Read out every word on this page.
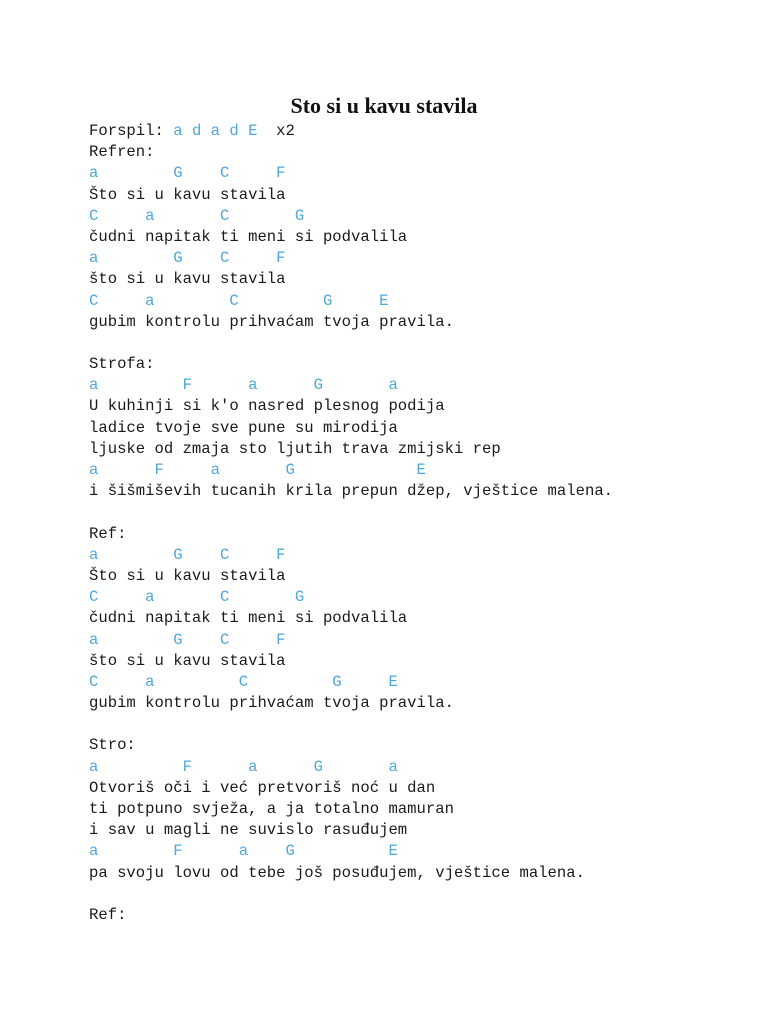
Sto si u kavu stavila
Forspil: a d a d E  x2
Refren:
a        G    C     F
Što si u kavu stavila
C     a       C       G
čudni napitak ti meni si podvalila
a        G    C     F
što si u kavu stavila
C     a        C         G     E
gubim kontrolu prihvaćam tvoja pravila.
Strofa:
a         F      a      G       a
U kuhinji si k'o nasred plesnog podija
ladice tvoje sve pune su mirodija
ljuske od zmaja sto ljutih trava zmijski rep
a      F     a       G             E
i šišmiševih tucanih krila prepun džep, vještice malena.
Ref:
a        G    C     F
Što si u kavu stavila
C     a       C       G
čudni napitak ti meni si podvalila
a        G    C     F
što si u kavu stavila
C     a         C         G     E
gubim kontrolu prihvaćam tvoja pravila.
Stro:
a         F      a      G       a
Otvoriš oči i već pretvoriš noć u dan
ti potpuno svježa, a ja totalno mamuran
i sav u magli ne suvislo rasuđujem
a        F      a    G          E
pa svoju lovu od tebe još posuđujem, vještice malena.
Ref:
